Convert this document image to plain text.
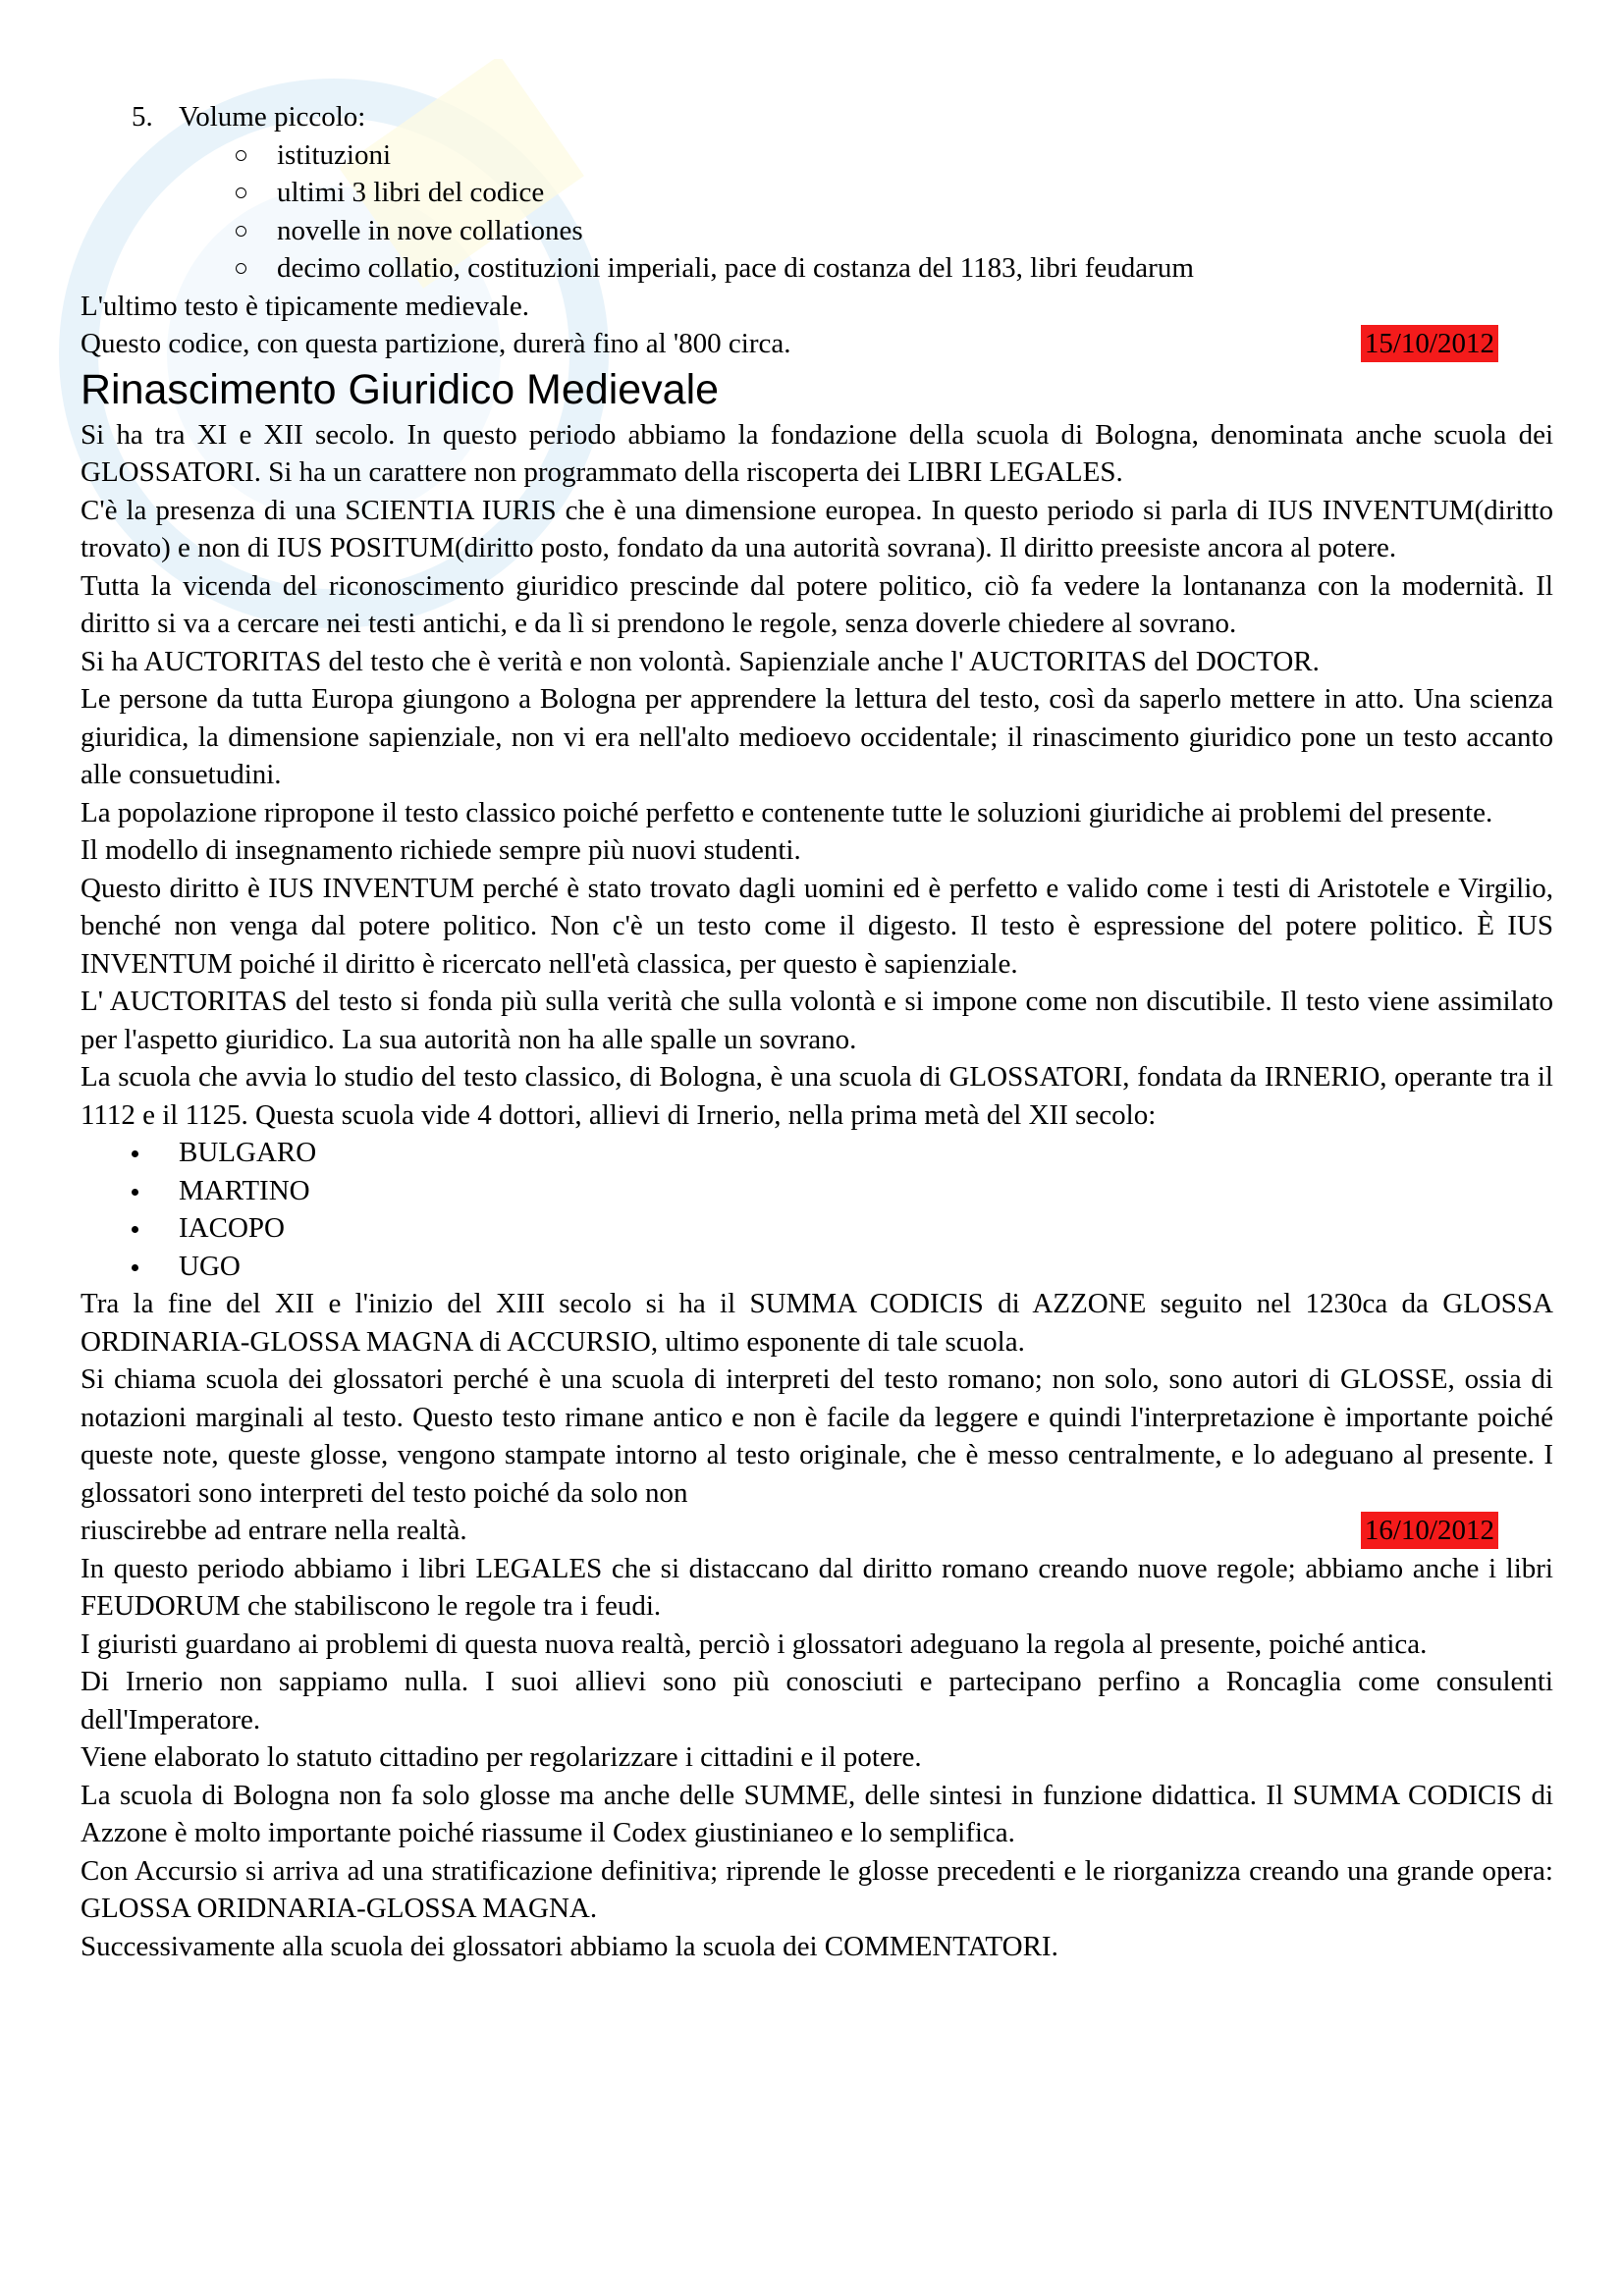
5. Volume piccolo:

istituzioni
ultimi 3 libri del codice
novelle in nove collationes
decimo collatio, costituzioni imperiali, pace di costanza del 1183, libri feudarum

L'ultimo testo è tipicamente medievale.

Questo codice, con questa partizione, durerà fino al '800 circa.	15/10/2012

Rinascimento Giuridico Medievale

Si ha tra XI e XII secolo. In questo periodo abbiamo la fondazione della scuola di Bologna, denominata anche scuola dei GLOSSATORI. Si ha un carattere non programmato della riscoperta dei LIBRI LEGALES.

C'è la presenza di una SCIENTIA IURIS che è una dimensione europea. In questo periodo si parla di IUS INVENTUM(diritto trovato) e non di IUS POSITUM(diritto posto, fondato da una autorità sovrana). Il diritto preesiste ancora al potere.

Tutta la vicenda del riconoscimento giuridico prescinde dal potere politico, ciò fa vedere la lontananza con la modernità. Il diritto si va a cercare nei testi antichi, e da lì si prendono le regole, senza doverle chiedere al sovrano.

Si ha AUCTORITAS del testo che è verità e non volontà. Sapienziale anche l' AUCTORITAS del DOCTOR.

Le persone da tutta Europa giungono a Bologna per apprendere la lettura del testo, così da saperlo mettere in atto. Una scienza giuridica, la dimensione sapienziale, non vi era nell'alto medioevo occidentale; il rinascimento giuridico pone un testo accanto alle consuetudini.

La popolazione ripropone il testo classico poiché perfetto e contenente tutte le soluzioni giuridiche ai problemi del presente.

Il modello di insegnamento richiede sempre più nuovi studenti.

Questo diritto è IUS INVENTUM perché è stato trovato dagli uomini ed è perfetto e valido come i testi di Aristotele e Virgilio, benché non venga dal potere politico. Non c'è un testo come il digesto. Il testo è espressione del potere politico. È IUS INVENTUM poiché il diritto è ricercato nell'età classica, per questo è sapienziale.

L' AUCTORITAS del testo si fonda più sulla verità che sulla volontà e si impone come non discutibile. Il testo viene assimilato per l'aspetto giuridico. La sua autorità non ha alle spalle un sovrano.

La scuola che avvia lo studio del testo classico, di Bologna, è una scuola di GLOSSATORI, fondata da IRNERIO, operante tra il 1112 e il 1125. Questa scuola vide 4 dottori, allievi di Irnerio, nella prima metà del XII secolo:

BULGARO
MARTINO
IACOPO
UGO

Tra la fine del XII e l'inizio del XIII secolo si ha il SUMMA CODICIS di AZZONE seguito nel 1230ca da GLOSSA ORDINARIA-GLOSSA MAGNA di ACCURSIO, ultimo esponente di tale scuola.

Si chiama scuola dei glossatori perché è una scuola di interpreti del testo romano; non solo, sono autori di GLOSSE, ossia di notazioni marginali al testo. Questo testo rimane antico e non è facile da leggere e quindi l'interpretazione è importante poiché queste note, queste glosse, vengono stampate intorno al testo originale, che è messo centralmente, e lo adeguano al presente. I glossatori sono interpreti del testo poiché da solo non

riuscirebbe ad entrare nella realtà.	16/10/2012

In questo periodo abbiamo i libri LEGALES che si distaccano dal diritto romano creando nuove regole; abbiamo anche i libri FEUDORUM che stabiliscono le regole tra i feudi.

I giuristi guardano ai problemi di questa nuova realtà, perciò i glossatori adeguano la regola al presente, poiché antica.

Di Irnerio non sappiamo nulla. I suoi allievi sono più conosciuti e partecipano perfino a Roncaglia come consulenti dell'Imperatore.

Viene elaborato lo statuto cittadino per regolarizzare i cittadini e il potere.

La scuola di Bologna non fa solo glosse ma anche delle SUMME, delle sintesi in funzione didattica. Il SUMMA CODICIS di Azzone è molto importante poiché riassume il Codex giustinianeo e lo semplifica.

Con Accursio si arriva ad una stratificazione definitiva; riprende le glosse precedenti e le riorganizza creando una grande opera: GLOSSA ORIDNARIA-GLOSSA MAGNA.

Successivamente alla scuola dei glossatori abbiamo la scuola dei COMMENTATORI.
